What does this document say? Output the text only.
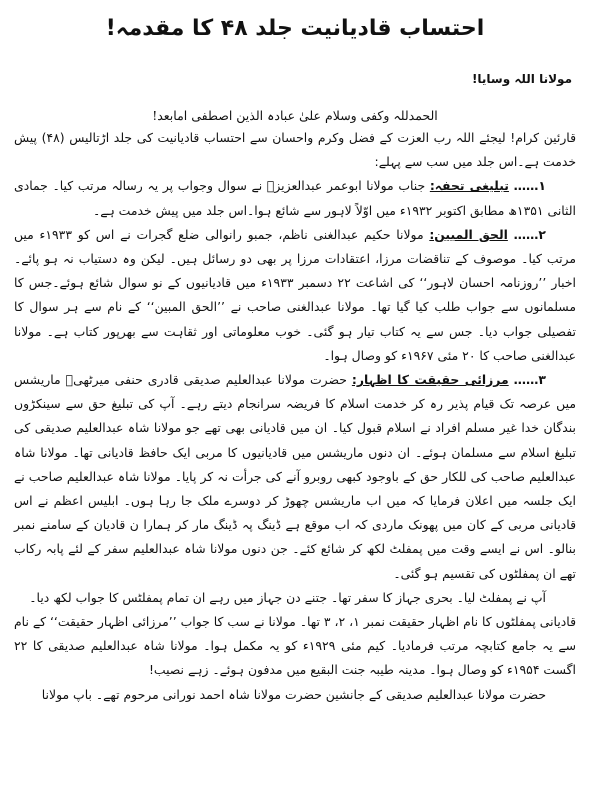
احتساب قادیانیت جلد ۴۸ کا مقدمہ!
مولانا اللہ وسایا!
الحمدللہ وکفی وسلام علیٰ عبادہ الذین اصطفی امابعد!

قارئین کرام! لیجئے اللہ رب العزت کے فضل وکرم واحسان سے احتساب قادیانیت کی جلد اڑتالیس (۴۸) پیش خدمت ہے۔اس جلد میں سب سے پہلے:

۱…… تبلیغی تحفہ: جناب مولانا ابوعمر عبدالعزیزؒ نے سوال وجواب پر یہ رسالہ مرتب کیا۔ جمادی الثانی ۱۳۵۱ھ مطابق اکتوبر ۱۹۳۲ء میں اوّلاً لاہور سے شائع ہوا۔اس جلد میں پیش خدمت ہے۔

۲…… الحق المبین: مولانا حکیم عبدالغنی ناظم، جمبو رانوالی ضلع گجرات نے اس کو ۱۹۳۳ء میں مرتب کیا۔ موصوف کے تناقضات مرزا، اعتقادات مرزا پر بھی دو رسائل ہیں۔ لیکن وہ دستیاب نہ ہو پائے۔ اخبار ’’روزنامہ احسان لاہور‘‘ کی اشاعت ۲۲ دسمبر ۱۹۳۳ء میں قادیانیوں کے نو سوال شائع ہوئے۔جس کا مسلمانوں سے جواب طلب کیا گیا تھا۔ مولانا عبدالغنی صاحب نے ’’الحق المبین‘‘ کے نام سے ہر سوال کا تفصیلی جواب دیا۔ جس سے یہ کتاب تیار ہو گئی۔ خوب معلوماتی اور ثقاہت سے بھرپور کتاب ہے۔ مولانا عبدالغنی صاحب کا ۲۰ مئی ۱۹۶۷ء کو وصال ہوا۔

۳…… مرزائی حقیقت کا اظہار: حضرت مولانا عبدالعلیم صدیقی قادری حنفی میرٹھیؒ ماریشس میں عرصہ تک قیام پذیر رہ کر خدمت اسلام کا فریضہ سرانجام دیتے رہے۔ آپ کی تبلیغ حق سے سینکڑوں بندگان خدا غیر مسلم افراد نے اسلام قبول کیا۔ ان میں قادیانی بھی تھے جو مولانا شاہ عبدالعلیم صدیقی کی تبلیغ اسلام سے مسلمان ہوئے۔ ان دنوں ماریشس میں قادیانیوں کا مربی ایک حافظ قادیانی تھا۔ مولانا شاہ عبدالعلیم صاحب کی للکار حق کے باوجود کبھی روبرو آنے کی جرأت نہ کر پایا۔ مولانا شاہ عبدالعلیم صاحب نے ایک جلسہ میں اعلان فرمایا کہ میں اب ماریشس چھوڑ کر دوسرے ملک جا رہا ہوں۔ ابلیس اعظم نے اس قادیانی مربی کے کان میں پھونک ماردی کہ اب موقع ہے ڈینگ پہ ڈینگ مار کر ہمارا ن قادیان کے سامنے نمبر بنالو۔ اس نے ایسے وقت میں پمفلٹ لکھ کر شائع کئے۔ جن دنوں مولانا شاہ عبدالعلیم سفر کے لئے پابہ رکاب تھے ان پمفلٹوں کی تقسیم ہو گئی۔

آپ نے پمفلٹ لیا۔ بحری جہاز کا سفر تھا۔ جتنے دن جہاز میں رہے ان تمام پمفلٹس کا جواب لکھ دیا۔

قادیانی پمفلٹوں کا نام اظہار حقیقت نمبر ۱، ۲، ۳ تھا۔ مولانا نے سب کا جواب ’’مرزائی اظہار حقیقت‘‘ کے نام سے یہ جامع کتابچہ مرتب فرمادیا۔ کیم مئی ۱۹۲۹ء کو یہ مکمل ہوا۔ مولانا شاہ عبدالعلیم صدیقی کا ۲۲ اگست ۱۹۵۴ء کو وصال ہوا۔ مدینہ طیبہ جنت البقیع میں مدفون ہوئے۔ زہے نصیب!

حضرت مولانا عبدالعلیم صدیقی کے جانشین حضرت مولانا شاہ احمد نورانی مرحوم تھے۔ باپ مولانا
